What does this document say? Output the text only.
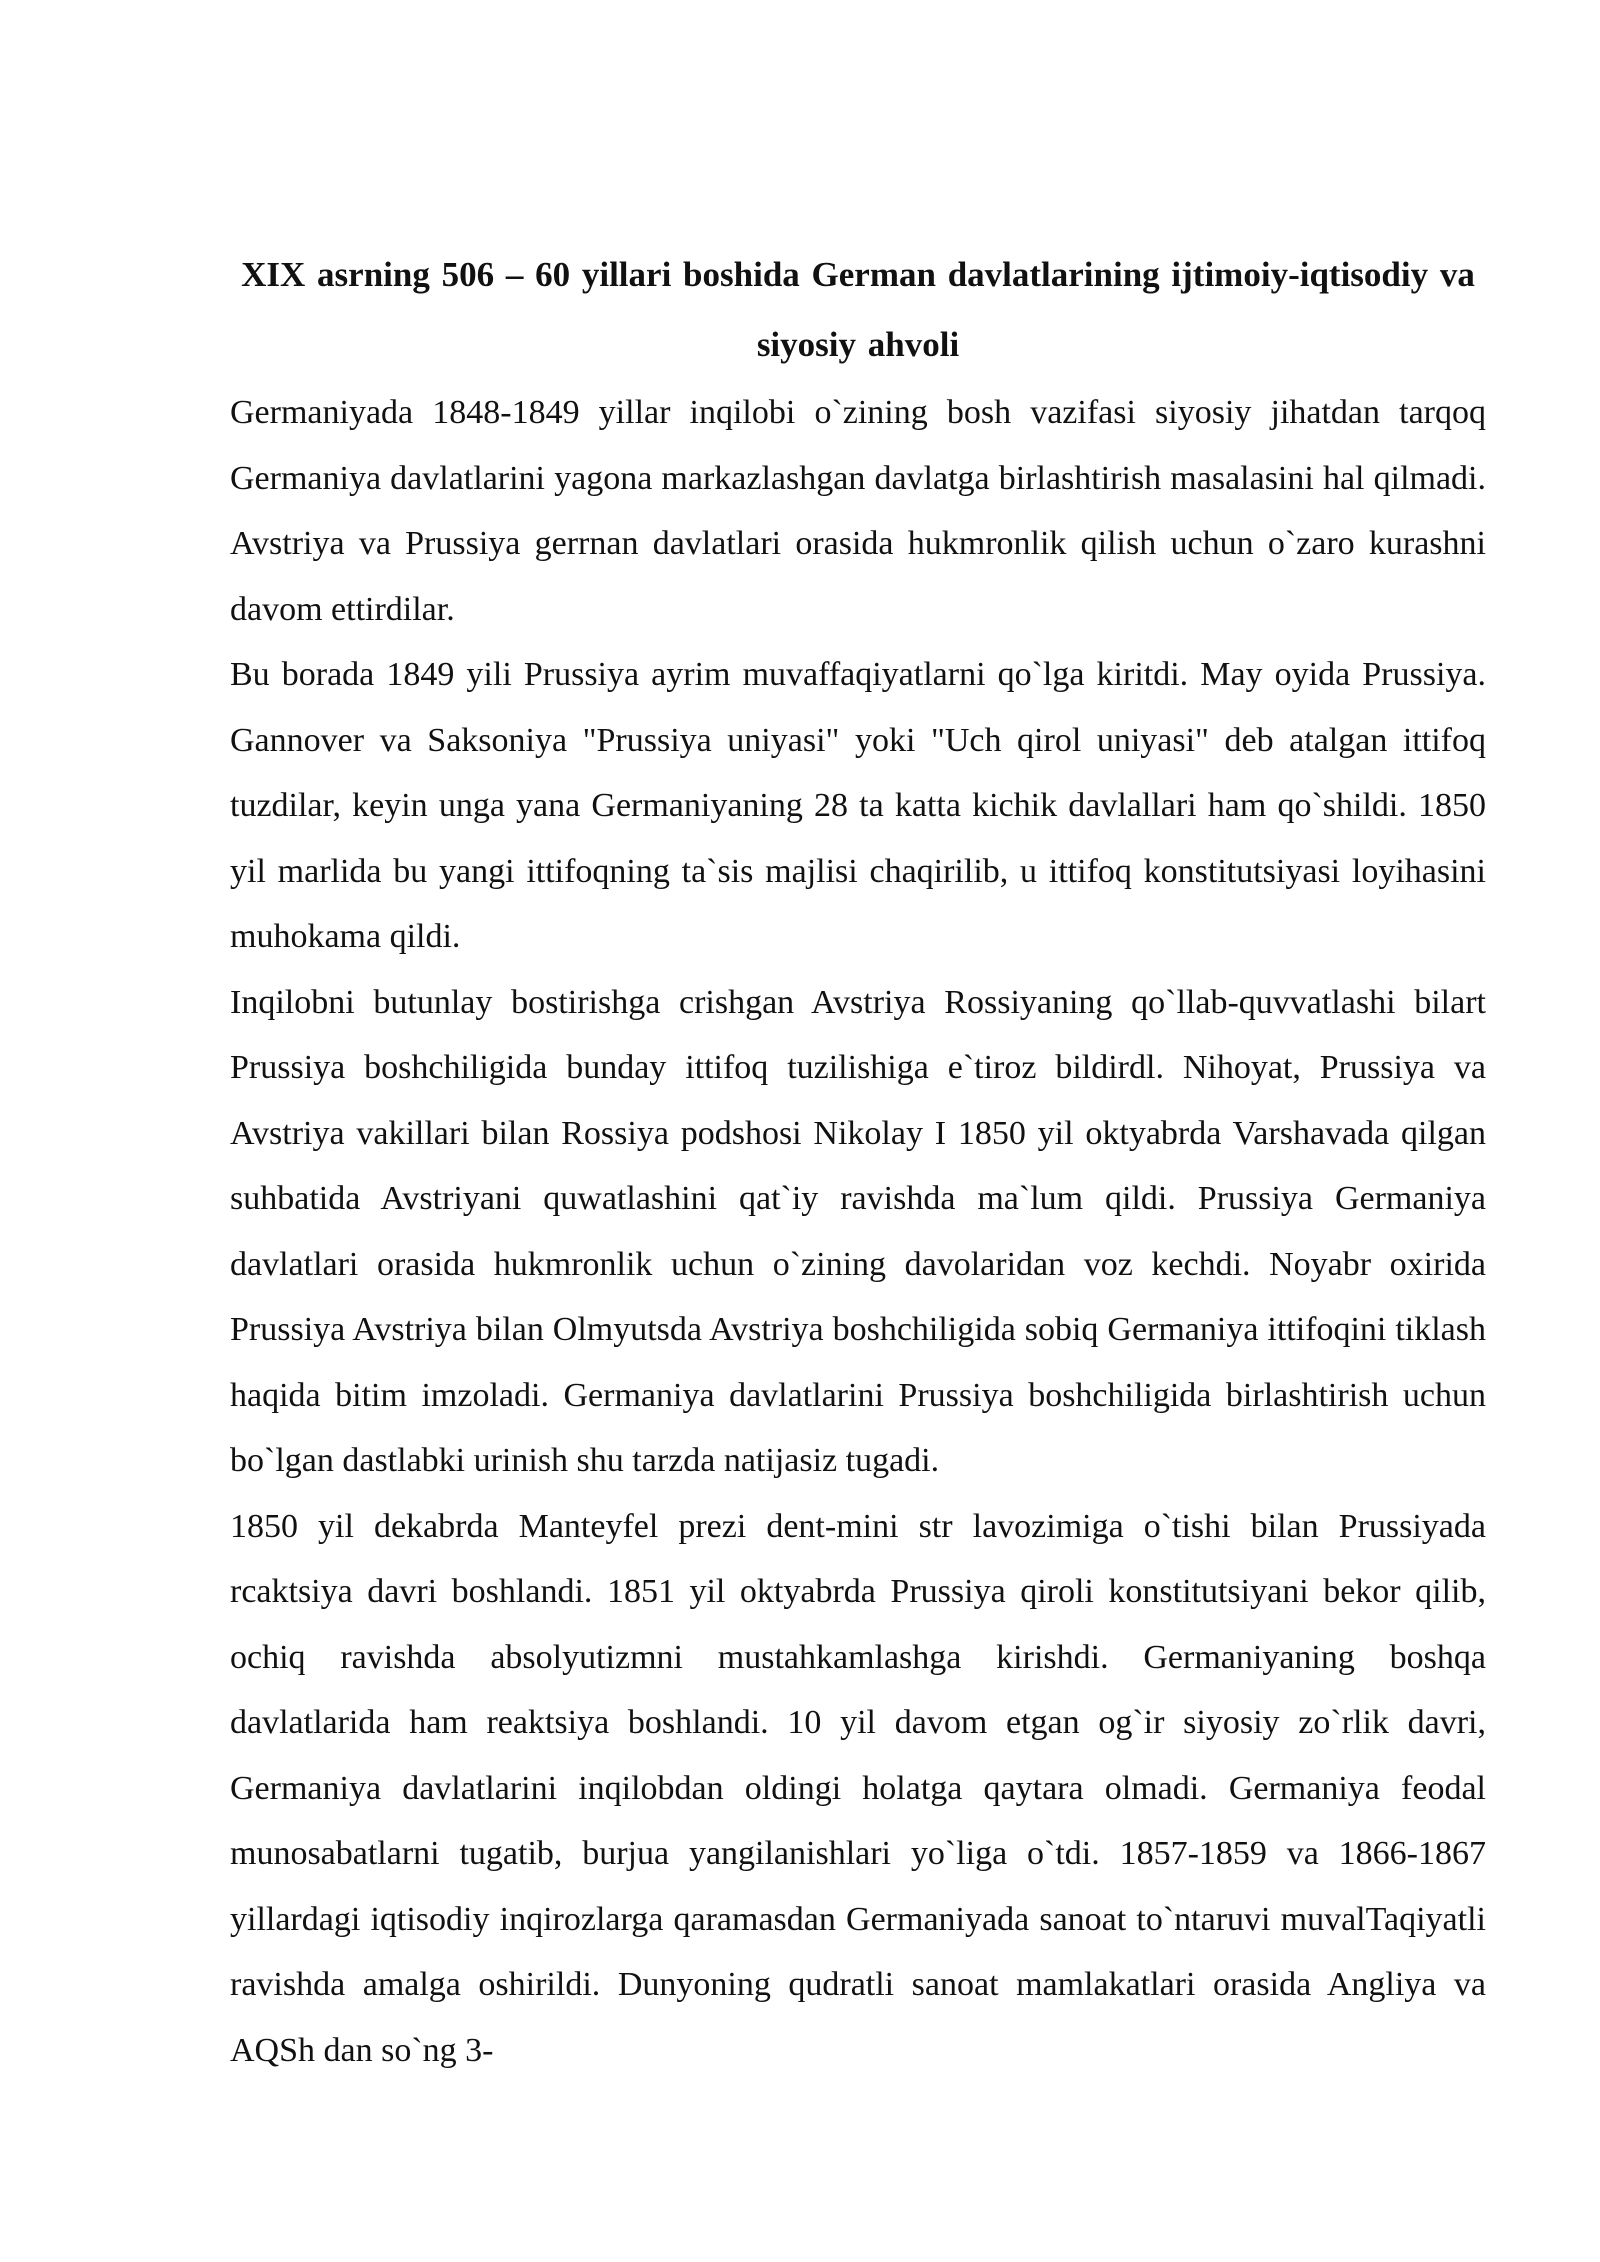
XIX asrning 506 – 60 yillari boshida German davlatlarining ijtimoiy-iqtisodiy va siyosiy ahvoli

Germaniyada 1848-1849 yillar inqilobi o`zining bosh vazifasi siyosiy jihatdan tarqoq Germaniya davlatlarini yagona markazlashgan davlatga birlashtirish masalasini hal qilmadi. Avstriya va Prussiya gerrnan davlatlari orasida hukmronlik qilish uchun o`zaro kurashni davom ettirdilar.

Bu borada 1849 yili Prussiya ayrim muvaffaqiyatlarni qo`lga kiritdi. May oyida Prussiya. Gannover va Saksoniya "Prussiya uniyasi" yoki "Uch qirol uniyasi" deb atalgan ittifoq tuzdilar, keyin unga yana Germaniyaning 28 ta katta kichik davlallari ham qo`shildi. 1850 yil marlida bu yangi ittifoqning ta`sis majlisi chaqirilib, u ittifoq konstitutsiyasi loyihasini muhokama qildi.

Inqilobni butunlay bostirishga crishgan Avstriya Rossiyaning qo`llab-quvvatlashi bilart Prussiya boshchiligida bunday ittifoq tuzilishiga e`tiroz bildirdl. Nihoyat, Prussiya va Avstriya vakillari bilan Rossiya podshosi Nikolay I 1850 yil oktyabrda Varshavada qilgan suhbatida Avstriyani quwatlashini qat`iy ravishda ma`lum qildi. Prussiya Germaniya davlatlari orasida hukmronlik uchun o`zining davolaridan voz kechdi. Noyabr oxirida Prussiya Avstriya bilan Olmyutsda Avstriya boshchiligida sobiq Germaniya ittifoqini tiklash haqida bitim imzoladi. Germaniya davlatlarini Prussiya boshchiligida birlashtirish uchun bo`lgan dastlabki urinish shu tarzda natijasiz tugadi.

1850 yil dekabrda Manteyfel prezi dent-mini str lavozimiga o`tishi bilan Prussiyada rcaktsiya davri boshlandi. 1851 yil oktyabrda Prussiya qiroli konstitutsiyani bekor qilib, ochiq ravishda absolyutizmni mustahkamlashga kirishdi. Germaniyaning boshqa davlatlarida ham reaktsiya boshlandi. 10 yil davom etgan og`ir siyosiy zo`rlik davri, Germaniya davlatlarini inqilobdan oldingi holatga qaytara olmadi. Germaniya feodal munosabatlarni tugatib, burjua yangilanishlari yo`liga o`tdi. 1857-1859 va 1866-1867 yillardagi iqtisodiy inqirozlarga qaramasdan Germaniyada sanoat to`ntaruvi muvalTaqiyatli ravishda amalga oshirildi. Dunyoning qudratli sanoat mamlakatlari orasida Angliya va AQSh dan so`ng 3-
